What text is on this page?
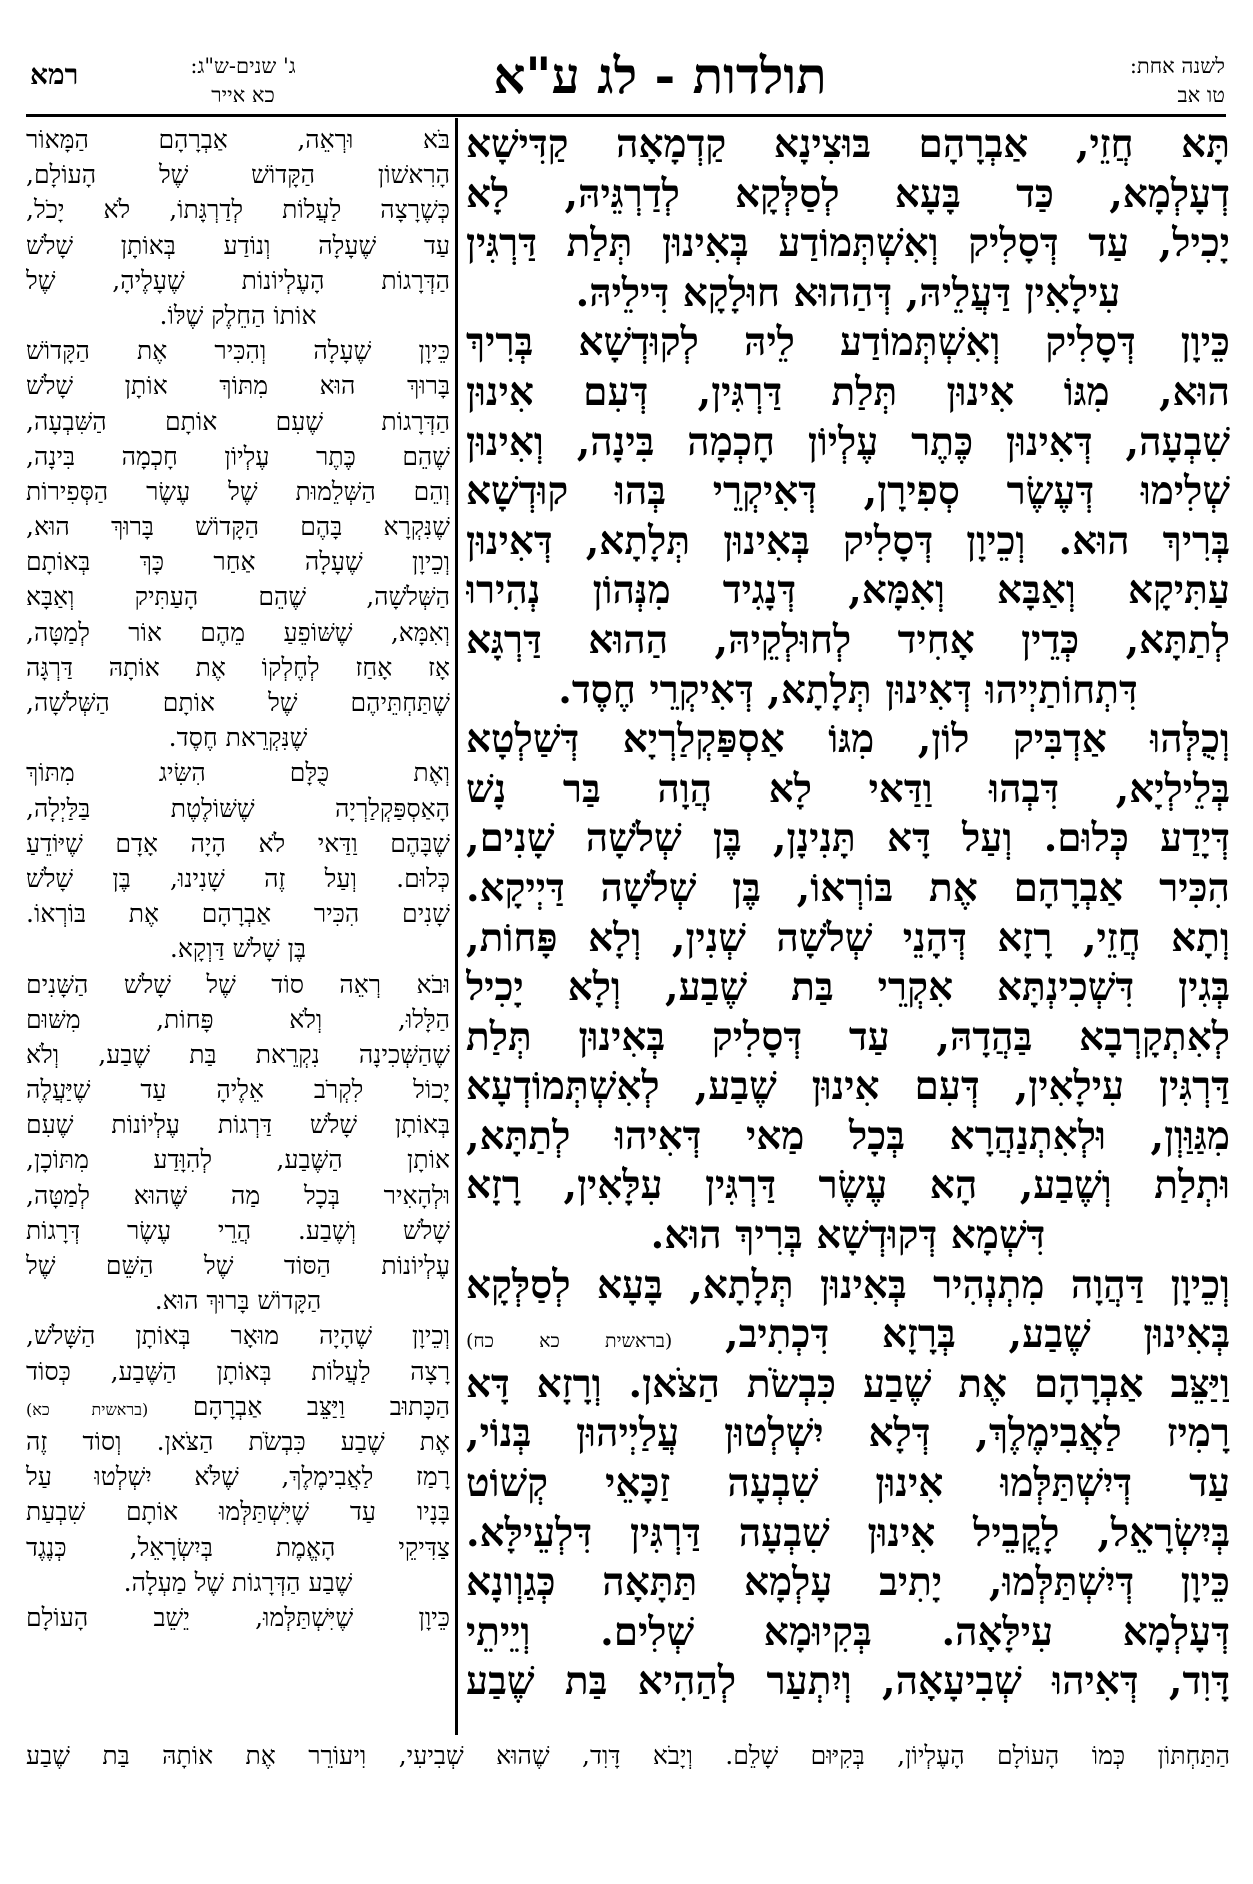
לשנה אחת:
טו אב
תולדות - לג ע"א
ג' שנים-ש"ג:
כא אייר
רמא
תָּא חֲזֵי, אַבְרָהָם בּוּצִינָא קַדְמָאָה קַדִּישָׁא
דְעָלְמָא, כַּד בָּעָא לְסַלְּקָא לְדַרְגֵּיהּ, לָא
יָכִיל, עַד דְּסָלִיק וְאִשְׁתְּמוֹדַע בְּאִינוּן תְּלַת דַּרְגִּין
עִילָאִין דַּעֲלֵיהּ, דְּהַהוּא חוּלָקָא דִּילֵיהּ.
כֵּיוָן דְּסָלִיק וְאִשְׁתְּמוֹדַע לֵיהּ לְקוּדְשָׁא בְּרִיךְ
הוּא, מִגּוֹ אִינוּן תְּלַת דַּרְגִּין, דְּעִם אִינוּן
שִׁבְעָה, דְּאִינוּן כֶּתֶר עֶלְיוֹן חָכְמָה בִּינָה, וְאִינוּן
שְׁלִימוּ דְּעֶשֶׂר סְפִירָן, דְּאִיקְרֵי בְּהוּ קוּדְשָׁא
בְּרִיךְ הוּא. וְכֵיוָן דְּסָלִיק בְּאִינוּן תְּלָתָא, דְּאִינוּן
עַתִּיקָא וְאַבָּא וְאִמָּא, דְּנָגִיד מִנְּהוֹן נְהִירוּ
לְתַתָּא, כְּדֵין אָחִיד לְחוּלְקֵיהּ, הַהוּא דַּרְגָּא
דִּתְחוֹתַיְיהוּ דְּאִינוּן תְּלָתָא, דְּאִיקְרֵי חֶסֶד.
וְכֻלְּהוּ אַדְבִּיק לוֹן, מִגּוֹ אַסְפַּקְלַרְיָא דְּשַׁלְטָא
בְּלֵילְיָא, דִּבְהוּ וַדַּאי לָא הֲוָה בַּר נָשׁ
דְּיָדַע כְּלוּם. וְעַל דָּא תָּנִינָן, בֶּן שְׁלֹשָׁה שָׁנִים,
הִכִּיר אַבְרָהָם אֶת בּוֹרְאוֹ, בֶּן שְׁלֹשָׁה דַּיְיקָא.
וְתָא חֲזֵי, רָזָא דְּהָנֵי שְׁלֹשָׁה שְׁנִין, וְלָא פָּחוֹת,
בְּגִין דִּשְׁכִינְתָּא אִקְרֵי בַּת שֶׁבַע, וְלָא יָכִיל
לְאִתְקָרְבָא בַּהֲדָהּ, עַד דְּסָלִיק בְּאִינוּן תְּלַת
דַּרְגִּין עִילָאִין, דְּעִם אִינוּן שֶׁבַע, לְאִשְׁתְּמוֹדְעָא
מִגַּוַּוְן, וּלְאִתְנַהֲרָא בְּכָל מַאי דְּאִיהוּ לְתַתָּא,
וּתְלַת וְשֶׁבַע, הָא עֶשֶׂר דַּרְגִּין עִלָּאִין, רָזָא
דִּשְׁמָא דְּקוּדְשָׁא בְּרִיךְ הוּא.
וְכֵיוָן דַּהֲוָה מִתְנְהִיר בְּאִינוּן תְּלָתָא, בָּעָא לְסַלְּקָא
בְּאִינוּן שֶׁבַע, בְּרָזָא דִּכְתִיב, (בראשית כא כח)
וַיַּצֵּב אַבְרָהָם אֶת שֶׁבַע כִּבְשֹׂת הַצֹּאן. וְרָזָא דָּא
רָמִיז לַאֲבִימֶלֶךְ, דְּלָא יִשְׁלְטוּן עֲלַיְיהוּן בְּנוֹי,
עַד דְּיִשְׁתַּלְּמוּ אִינוּן שִׁבְעָה זַכָּאֵי קְשׁוֹט
בְּיִשְׂרָאֵל, לָקֳבֵיל אִינוּן שִׁבְעָה דַּרְגִּין דִּלְעֵילָּא.
כֵּיוָן דְּיִשְׁתַּלְּמוּ, יָתִיב עָלְמָא תַּתָּאָה כְּגַוְונָא
דְּעָלְמָא עִילָּאָה. בְּקִיוּמָא שְׁלִים. וְיֵיתֵי
דָּוִד, דְּאִיהוּ שְׁבִיעָאָה, וְיִתְעַר לְהַהִיא בַּת שֶׁבַע
בֹּא וּרְאֵה, אַבְרָהָם הַמָּאוֹר
הָרִאשׁוֹן הַקָּדוֹשׁ שֶׁל הָעוֹלָם,
כְּשֶׁרָצָה לַעֲלוֹת לְדַרְגָּתוֹ, לֹא יָכֹל,
עַד שֶׁעָלָה וְנוֹדַע בְּאוֹתָן שָׁלֹשׁ
הַדְּרָגוֹת הָעֶלְיוֹנוֹת שֶׁעָלֶיהָ, שֶׁל
אוֹתוֹ הַחֵלֶק שֶׁלּוֹ.
כֵּיוָן שֶׁעָלָה וְהִכִּיר אֶת הַקָּדוֹשׁ
בָּרוּךְ הוּא מִתּוֹךְ אוֹתָן שָׁלֹשׁ
הַדְּרָגוֹת שֶׁעִם אוֹתָם הַשִּׁבְעָה,
שֶׁהֵם כֶּתֶר עֶלְיוֹן חָכְמָה בִּינָה,
וְהֵם הַשְּׁלֵמוּת שֶׁל עֶשֶׂר הַסְּפִירוֹת
שֶׁנִּקְרָא בָּהֶם הַקָּדוֹשׁ בָּרוּךְ הוּא,
וְכֵיוָן שֶׁעָלָה אַחַר כָּךְ בְּאוֹתָם
הַשְּׁלֹשָׁה, שֶׁהֵם הָעַתִּיק וְאַבָּא
וְאִמָּא, שֶׁשּׁוֹפֵעַ מֵהֶם אוֹר לְמַטָּה,
אָז אָחַז לְחֶלְקוֹ אֶת אוֹתָהּ דַּרְגָּה
שֶׁתַּחְתֵּיהֶם שֶׁל אוֹתָם הַשְּׁלֹשָׁה,
שֶׁנִּקְרֵאת חֶסֶד.
וְאֶת כֻּלָּם הִשִּׂיג מִתּוֹךְ
הָאַסְפַּקְלַרְיָה שֶׁשּׁוֹלֶטֶת בַּלַּיְלָה,
שֶׁבָּהֶם וַדַּאי לֹא הָיָה אָדָם שֶׁיּוֹדֵעַ
כְּלוּם. וְעַל זֶה שָׁנִינוּ, בֶּן שָׁלֹשׁ
שָׁנִים הִכִּיר אַבְרָהָם אֶת בּוֹרְאוֹ.
בֶּן שָׁלֹשׁ דַּוְקָא.
וּבֹא רְאֵה סוֹד שֶׁל שָׁלֹשׁ הַשָּׁנִים
הַלָּלוּ, וְלֹא פָּחוֹת, מִשּׁוּם
שֶׁהַשְּׁכִינָה נִקְרֵאת בַּת שֶׁבַע, וְלֹא
יָכוֹל לִקְרֹב אֵלֶיהָ עַד שֶׁיַּעֲלֶה
בְּאוֹתָן שָׁלֹשׁ דַּרְגוֹת עֶלְיוֹנוֹת שֶׁעִם
אוֹתָן הַשֶּׁבַע, לְהִוָּדַע מִתּוֹכָן,
וּלְהָאִיר בְּכָל מַה שֶּׁהוּא לְמַטָּה,
שָׁלֹשׁ וְשֶׁבַע. הֲרֵי עֶשֶׂר דְּרָגוֹת
עֶלְיוֹנוֹת הַסּוֹד שֶׁל הַשֵּׁם שֶׁל
הַקָּדוֹשׁ בָּרוּךְ הוּא.
וְכֵיוָן שֶׁהָיָה מוּאָר בְּאוֹתָן הַשָּׁלֹשׁ,
רָצָה לַעֲלוֹת בְּאוֹתָן הַשֶּׁבַע, כְּסוֹד
הַכָּתוּב וַיַּצֵּב אַבְרָהָם (בראשית כא)
אֶת שֶׁבַע כִּבְשֹׂת הַצֹּאן. וְסוֹד זֶה
רָמַז לַאֲבִימֶלֶךְ, שֶׁלֹּא יִשְׁלְטוּ עַל
בָּנָיו עַד שֶׁיִּשְׁתַּלְּמוּ אוֹתָם שִׁבְעַת
צַדִּיקֵי הָאֱמֶת בְּיִשְׂרָאֵל, כְּנֶגֶד
שֶׁבַע הַדְּרָגוֹת שֶׁל מַעְלָה.
כֵּיוָן שֶׁיִּשְׁתַּלְּמוּ, יֵשֵׁב הָעוֹלָם
הַתַּחְתּוֹן כְּמוֹ הָעוֹלָם הָעֶלְיוֹן, בְּקִיּוּם שָׁלֵם. וְיָבֹא דָּוִד, שֶׁהוּא שְׁבִיעִי, וִיעוֹרֵר אֶת אוֹתָהּ בַּת שֶׁבַע
